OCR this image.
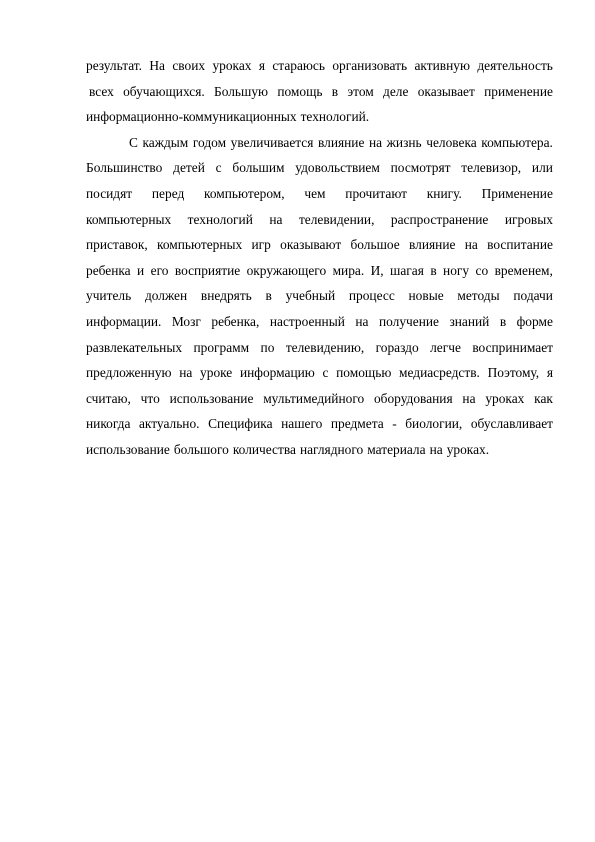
результат. На своих уроках я стараюсь организовать активную деятельность
всех обучающихся. Большую помощь в этом деле оказывает применение
информационно-коммуникационных технологий.
С каждым годом увеличивается влияние на жизнь человека компьютера.
Большинство детей с большим удовольствием посмотрят телевизор, или
посидят перед компьютером, чем прочитают книгу. Применение
компьютерных технологий на телевидении, распространение игровых
приставок, компьютерных игр оказывают большое влияние на воспитание
ребенка и его восприятие окружающего мира. И, шагая в ногу со временем,
учитель должен внедрять в учебный процесс новые методы подачи
информации. Мозг ребенка, настроенный на получение знаний в форме
развлекательных программ по телевидению, гораздо легче воспринимает
предложенную на уроке информацию с помощью медиасредств. Поэтому, я
считаю, что использование мультимедийного оборудования на уроках как
никогда актуально. Специфика нашего предмета - биологии, обуславливает
использование большого количества наглядного материала на уроках.
